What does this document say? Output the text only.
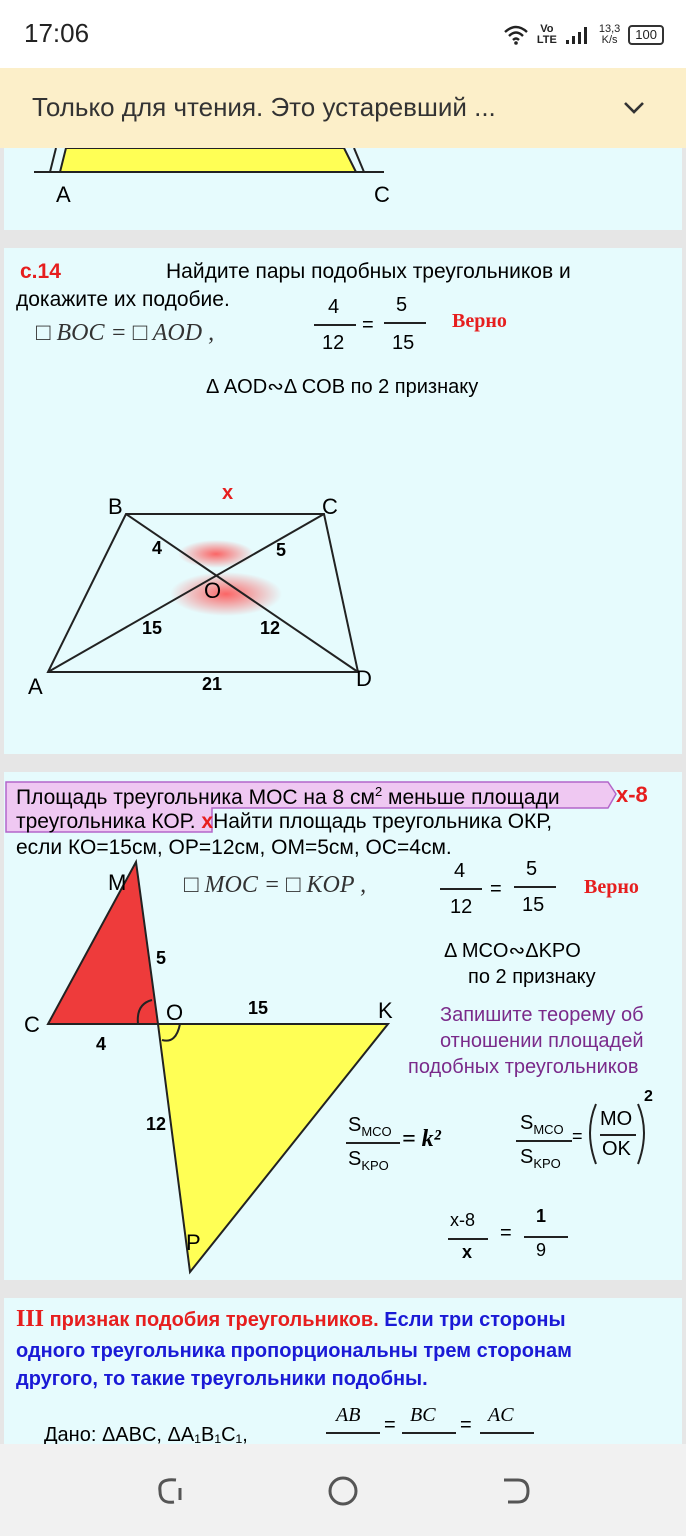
17:06	Vo
LTE
13,3
K/s	100
Только для чтения. Это устаревший ...
A	C
с.14	Найдите пары подобных треугольников и
докажите их подобие.
□ BOC = □ AOD ,
4
12
=
5
15
Верно
Δ AOD∾Δ COB по 2 признаку
B	C
x
4	5
O
15	12
A	21	D
Площадь треугольника МОС на 8 $см^2$ меньше площади	x-8
треугольника КОР. xНайти площадь треугольника ОКР,
если КО=15см, ОР=12см, ОМ=5см, ОС=4см.
□ MOC = □ KOP ,
4
12
=
5
15
Верно
Δ MCO∾ΔKPO
по 2 признаку
Запишите теорему об
отношении площадей
подобных треугольников
M
5
C	O	15	K
4
12
P
$S_{MCO}$
$S_{KPO}$
= k²
$S_{MCO}$
$S_{KPO}$
=
MO
OK
2
x-8
x
=
1
9
III признак подобия треугольников. Если три стороны
одного треугольника пропорциональны трем сторонам
другого, то такие треугольники подобны.
Дано: ΔABC, ΔA₁B₁C₁,
AB = BC = AC
